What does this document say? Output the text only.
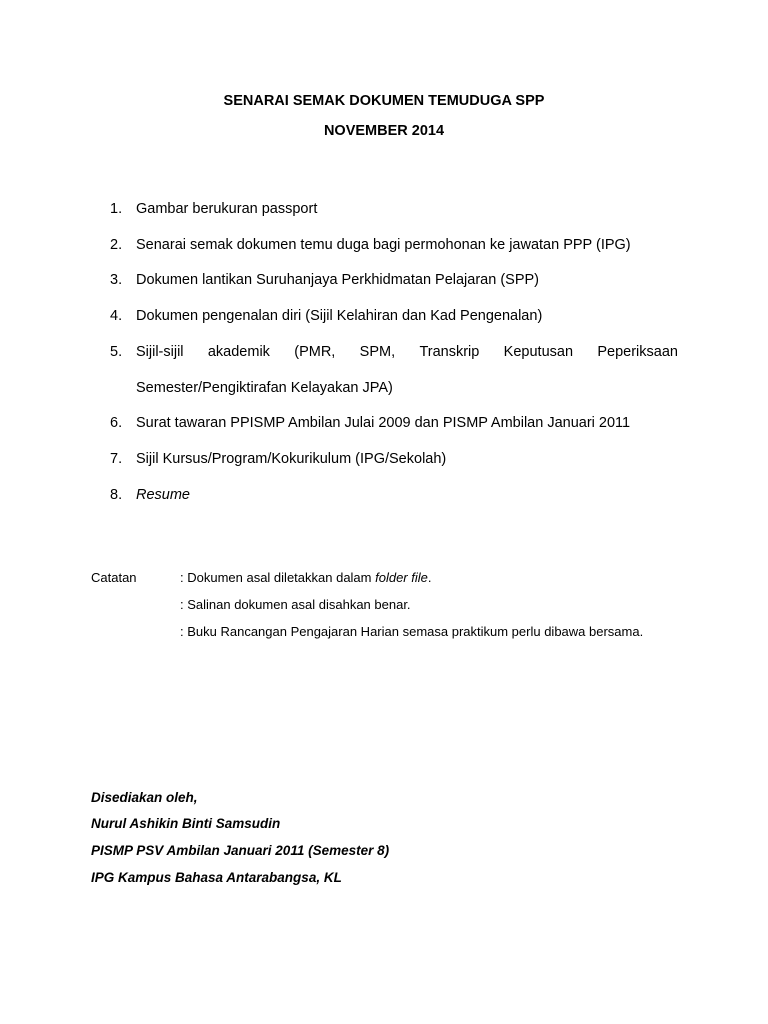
SENARAI SEMAK DOKUMEN TEMUDUGA SPP
NOVEMBER 2014
1. Gambar berukuran passport
2. Senarai semak dokumen temu duga bagi permohonan ke jawatan PPP (IPG)
3. Dokumen lantikan Suruhanjaya Perkhidmatan Pelajaran (SPP)
4. Dokumen pengenalan diri (Sijil Kelahiran dan Kad Pengenalan)
5. Sijil-sijil akademik (PMR, SPM, Transkrip Keputusan Peperiksaan
Semester/Pengiktirafan Kelayakan JPA)
6. Surat tawaran PPISMP Ambilan Julai 2009 dan PISMP Ambilan Januari 2011
7. Sijil Kursus/Program/Kokurikulum (IPG/Sekolah)
8. Resume
Catatan	: Dokumen asal diletakkan dalam folder file.
: Salinan dokumen asal disahkan benar.
: Buku Rancangan Pengajaran Harian semasa praktikum perlu dibawa bersama.
Disediakan oleh,
Nurul Ashikin Binti Samsudin
PISMP PSV Ambilan Januari 2011 (Semester 8)
IPG Kampus Bahasa Antarabangsa, KL
